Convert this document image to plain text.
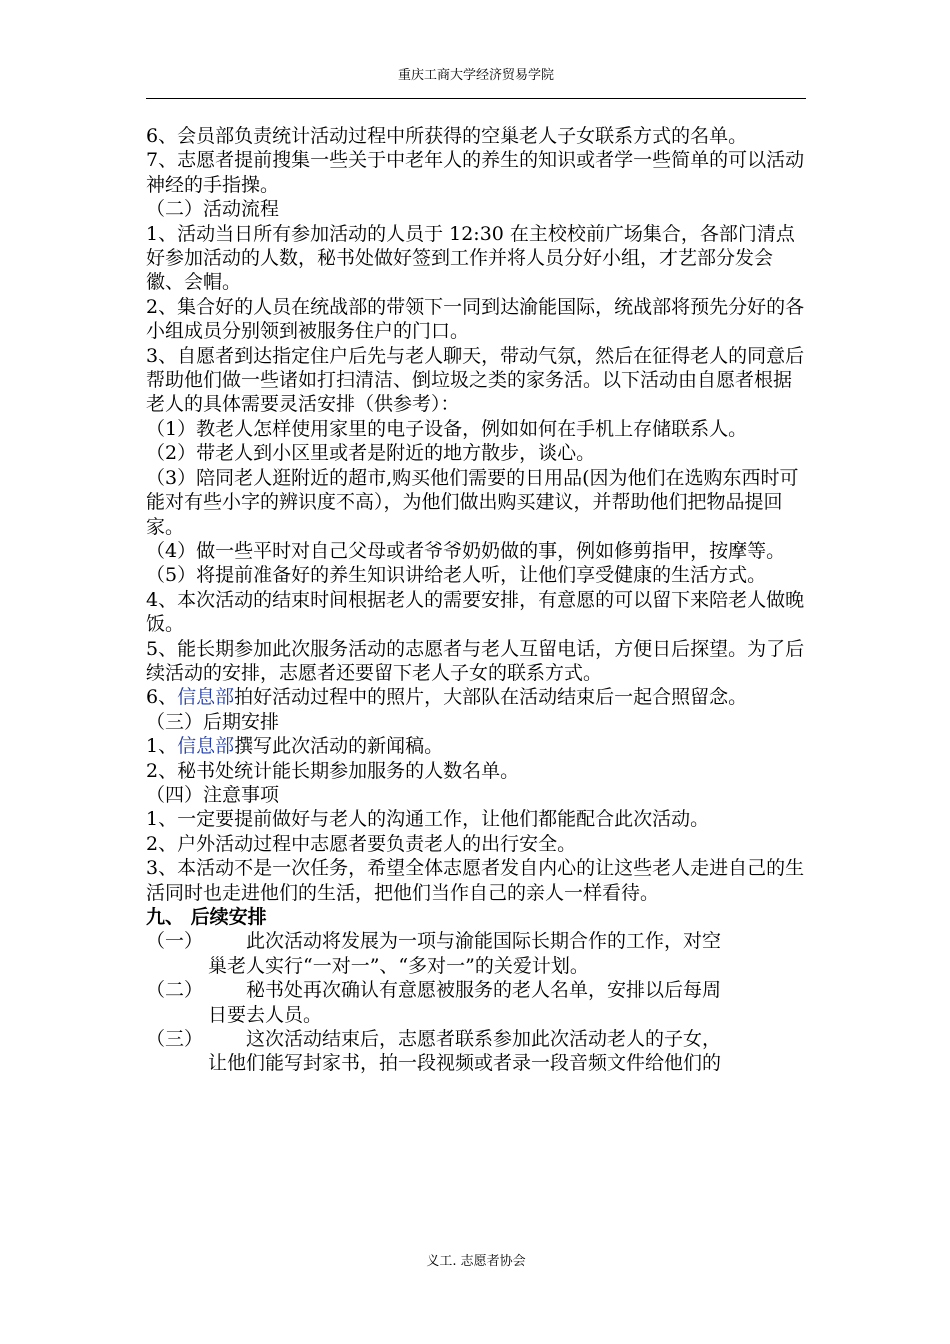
重庆工商大学经济贸易学院

6、会员部负责统计活动过程中所获得的空巢老人子女联系方式的名单。

7、志愿者提前搜集一些关于中老年人的养生的知识或者学一些简单的可以活动神经的手指操。

（二）活动流程

1、活动当日所有参加活动的人员于 12:30 在主校校前广场集合，各部门清点好参加活动的人数，秘书处做好签到工作并将人员分好小组，才艺部分发会徽、会帽。

2、集合好的人员在统战部的带领下一同到达渝能国际，统战部将预先分好的各小组成员分别领到被服务住户的门口。

3、自愿者到达指定住户后先与老人聊天，带动气氛，然后在征得老人的同意后帮助他们做一些诸如打扫清洁、倒垃圾之类的家务活。以下活动由自愿者根据老人的具体需要灵活安排（供参考）：

（1）教老人怎样使用家里的电子设备，例如如何在手机上存储联系人。

（2）带老人到小区里或者是附近的地方散步，谈心。

（3）陪同老人逛附近的超市,购买他们需要的日用品(因为他们在选购东西时可能对有些小字的辨识度不高），为他们做出购买建议，并帮助他们把物品提回家。

（4）做一些平时对自己父母或者爷爷奶奶做的事，例如修剪指甲，按摩等。

（5）将提前准备好的养生知识讲给老人听，让他们享受健康的生活方式。

4、本次活动的结束时间根据老人的需要安排，有意愿的可以留下来陪老人做晚饭。

5、能长期参加此次服务活动的志愿者与老人互留电话，方便日后探望。为了后续活动的安排，志愿者还要留下老人子女的联系方式。

6、信息部拍好活动过程中的照片，大部队在活动结束后一起合照留念。

（三）后期安排

1、信息部撰写此次活动的新闻稿。

2、秘书处统计能长期参加服务的人数名单。

（四）注意事项

1、一定要提前做好与老人的沟通工作，让他们都能配合此次活动。

2、户外活动过程中志愿者要负责老人的出行安全。

3、本活动不是一次任务，希望全体志愿者发自内心的让这些老人走进自己的生活同时也走进他们的生活，把他们当作自己的亲人一样看待。

九、 后续安排

（一）	此次活动将发展为一项与渝能国际长期合作的工作，对空
巢老人实行“一对一”、“多对一”的关爱计划。
（二）	秘书处再次确认有意愿被服务的老人名单，安排以后每周
日要去人员。
（三）	这次活动结束后，志愿者联系参加此次活动老人的子女，
让他们能写封家书，拍一段视频或者录一段音频文件给他们的
义工. 志愿者协会
